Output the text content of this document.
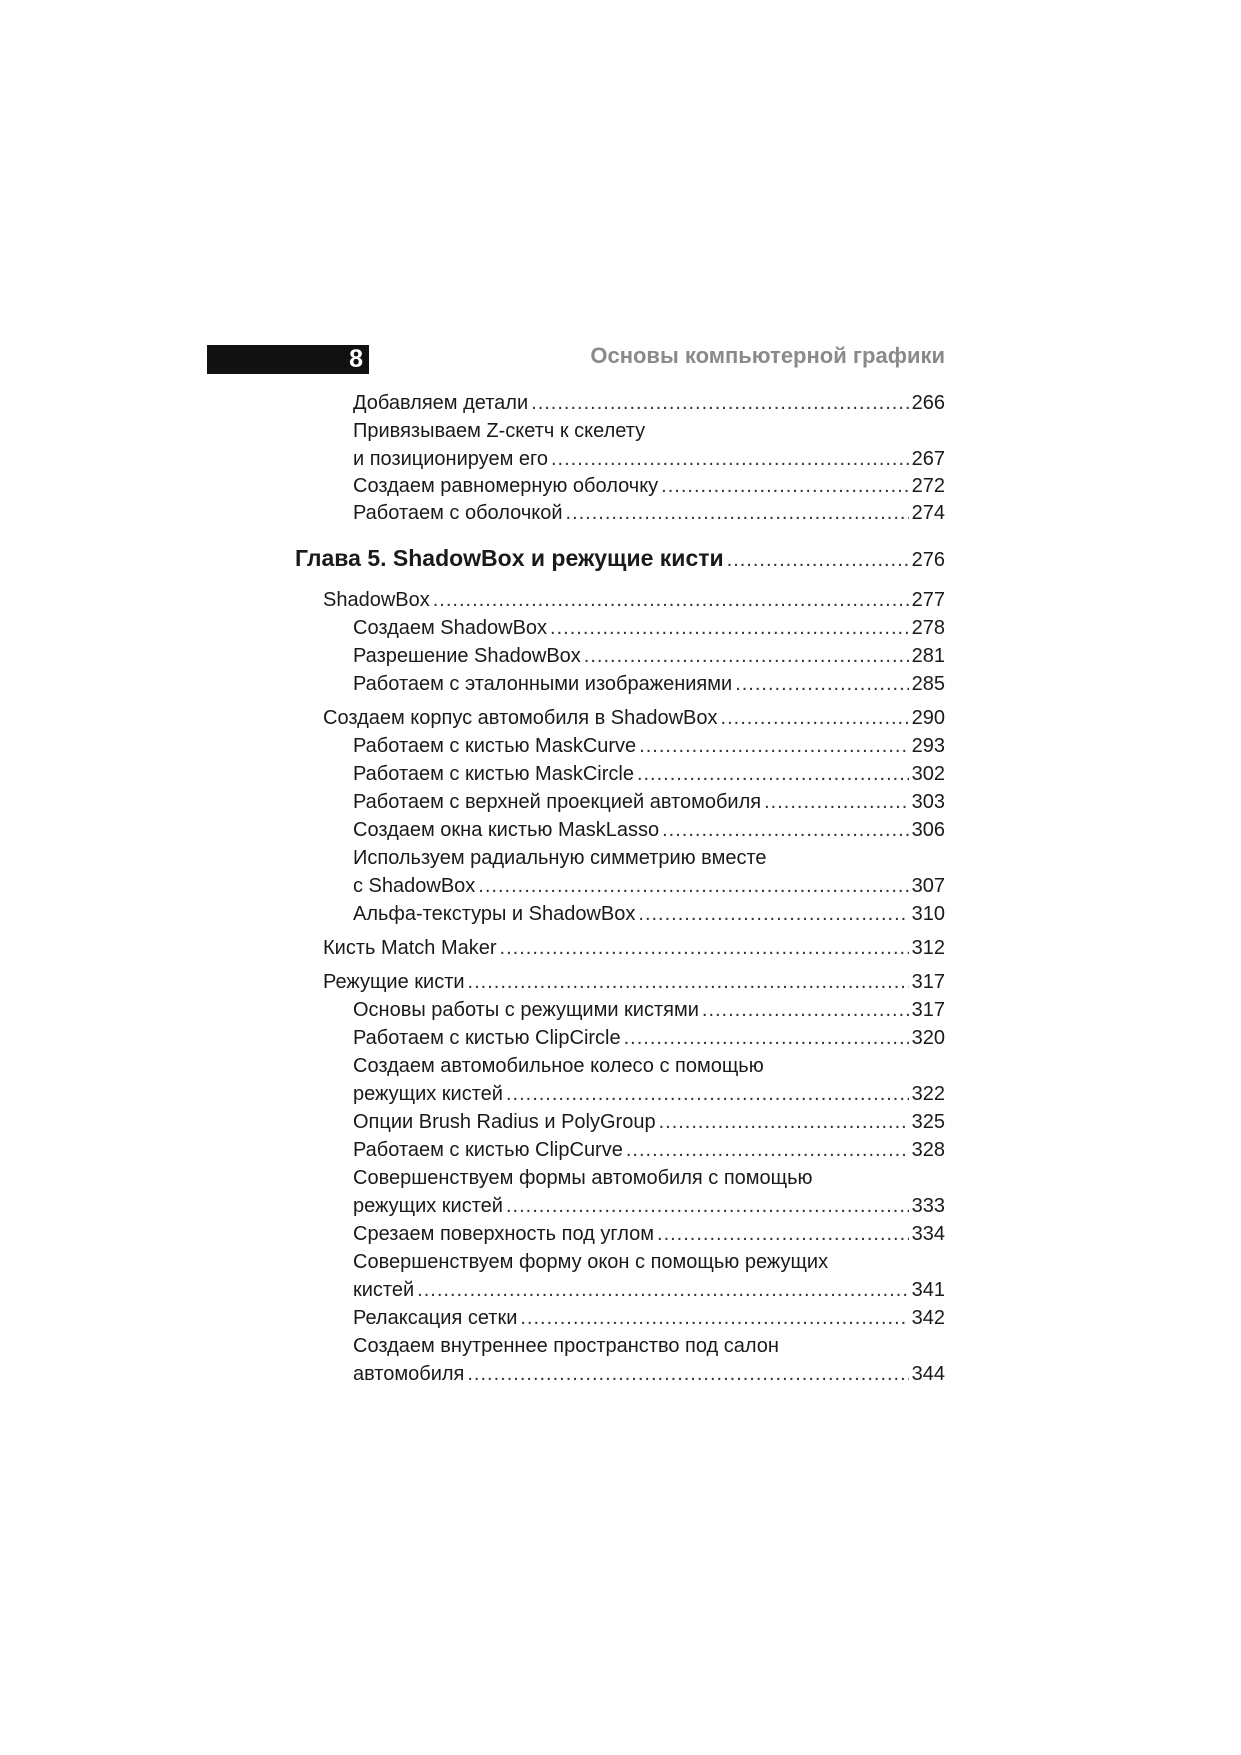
8	Основы компьютерной графики
Добавляем детали .....	266
Привязываем Z-скетч к скелету
и позиционируем его .....	267
Создаем равномерную оболочку .....	272
Работаем с оболочкой .....	274
Глава 5. ShadowBox и режущие кисти .....	276
ShadowBox .....	277
Создаем ShadowBox .....	278
Разрешение ShadowBox .....	281
Работаем с эталонными изображениями .....	285
Создаем корпус автомобиля в ShadowBox .....	290
Работаем с кистью MaskCurve .....	293
Работаем с кистью MaskCircle .....	302
Работаем с верхней проекцией автомобиля .....	303
Создаем окна кистью MaskLasso .....	306
Используем радиальную симметрию вместе
с ShadowBox .....	307
Альфа-текстуры и ShadowBox .....	310
Кисть Match Maker .....	312
Режущие кисти .....	317
Основы работы с режущими кистями .....	317
Работаем с кистью ClipCircle .....	320
Создаем автомобильное колесо с помощью
режущих кистей .....	322
Опции Brush Radius и PolyGroup .....	325
Работаем с кистью ClipCurve .....	328
Совершенствуем формы автомобиля с помощью
режущих кистей .....	333
Срезаем поверхность под углом .....	334
Совершенствуем форму окон с помощью режущих
кистей .....	341
Релаксация сетки .....	342
Создаем внутреннее пространство под салон
автомобиля .....	344
